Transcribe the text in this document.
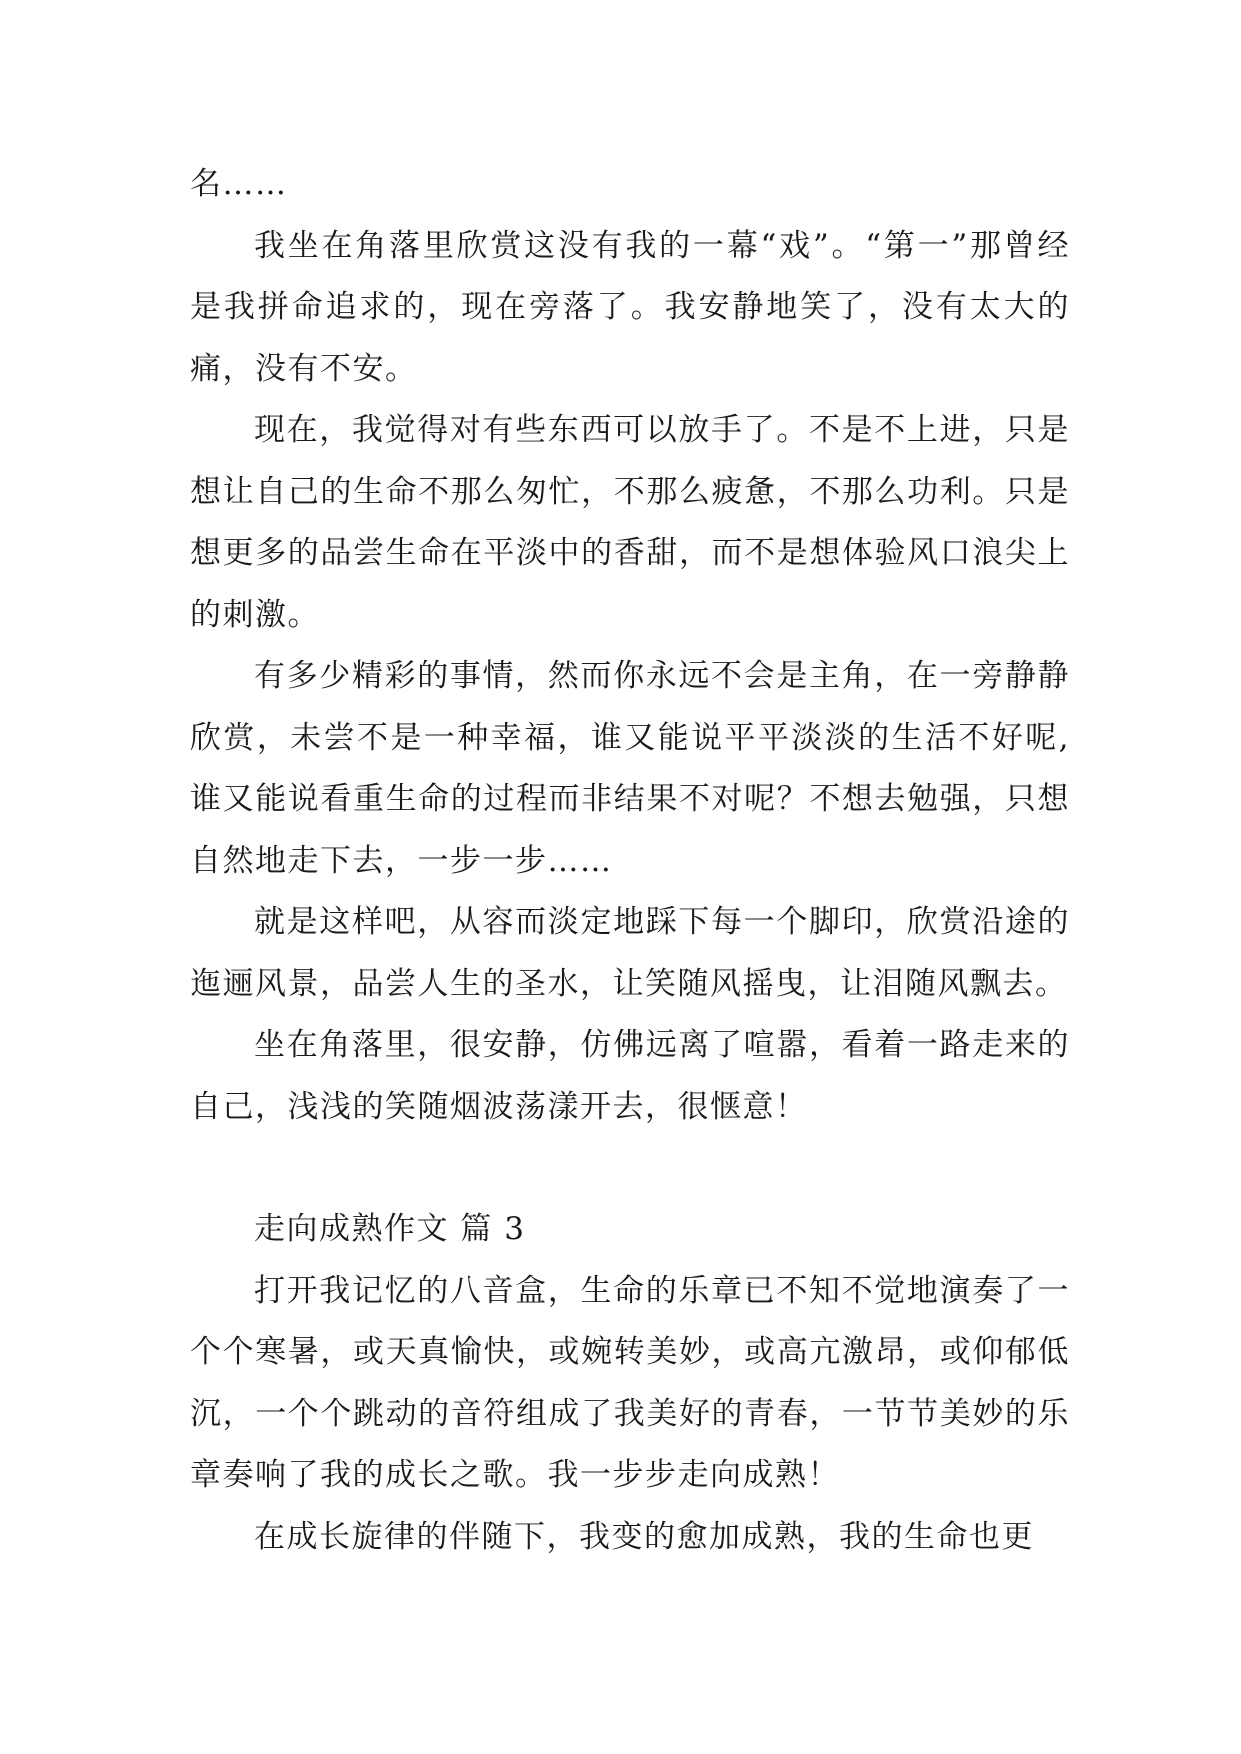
名……

我坐在角落里欣赏这没有我的一幕“戏”。“第一”那曾经是我拼命追求的，现在旁落了。我安静地笑了，没有太大的痛，没有不安。

现在，我觉得对有些东西可以放手了。不是不上进，只是想让自己的生命不那么匆忙，不那么疲惫，不那么功利。只是想更多的品尝生命在平淡中的香甜，而不是想体验风口浪尖上的刺激。

有多少精彩的事情，然而你永远不会是主角，在一旁静静欣赏，未尝不是一种幸福，谁又能说平平淡淡的生活不好呢,谁又能说看重生命的过程而非结果不对呢？不想去勉强，只想自然地走下去，一步一步……

就是这样吧，从容而淡定地踩下每一个脚印，欣赏沿途的迤逦风景，品尝人生的圣水，让笑随风摇曳，让泪随风飘去。

坐在角落里，很安静，仿佛远离了喧嚣，看着一路走来的自己，浅浅的笑随烟波荡漾开去，很惬意！

走向成熟作文 篇 3

打开我记忆的八音盒，生命的乐章已不知不觉地演奏了一个个寒暑，或天真愉快，或婉转美妙，或高亢激昂，或仰郁低沉，一个个跳动的音符组成了我美好的青春，一节节美妙的乐章奏响了我的成长之歌。我一步步走向成熟！

在成长旋律的伴随下，我变的愈加成熟，我的生命也更
